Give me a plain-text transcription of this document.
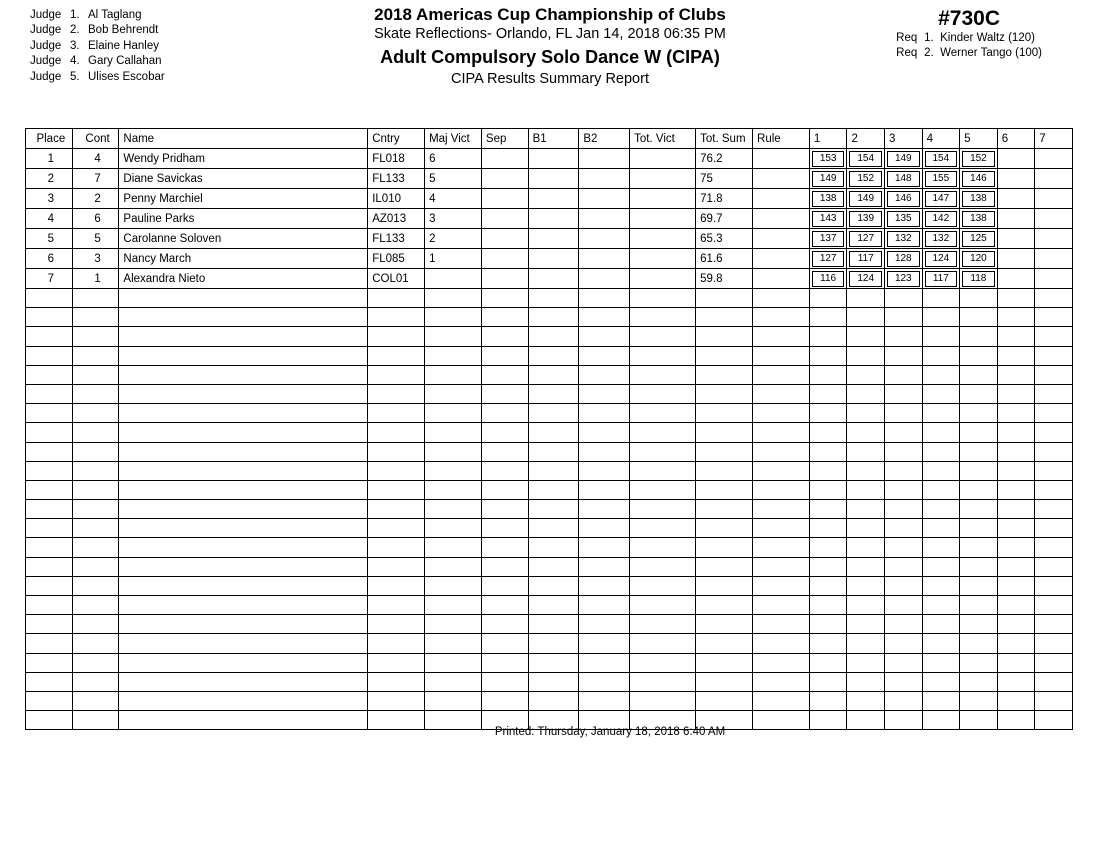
Judge 1. Al Taglang
Judge 2. Bob Behrendt
Judge 3. Elaine Hanley
Judge 4. Gary Callahan
Judge 5. Ulises Escobar
2018 Americas Cup Championship of Clubs
Skate Reflections- Orlando, FL Jan 14, 2018 06:35 PM
Adult Compulsory Solo Dance W (CIPA)
CIPA Results Summary Report
#730C
Req 1. Kinder Waltz (120)
Req 2. Werner Tango (100)
Place	Cont	Name	Cntry	Maj Vict	Sep	B1	B2	Tot. Vict	Tot. Sum	Rule	1	2	3	4	5	6	7
1	4	Wendy Pridham	FL018	6					76.2		153	154	149	154	152		

2	7	Diane Savickas	FL133	5					75		149	152	148	155	146		

3	2	Penny Marchiel	IL010	4					71.8		138	149	146	147	138		

4	6	Pauline Parks	AZ013	3					69.7		143	139	135	142	138		

5	5	Carolanne Soloven	FL133	2					65.3		137	127	132	132	125		

6	3	Nancy March	FL085	1					61.6		127	117	128	124	120		

7	1	Alexandra Nieto	COL01						59.8		116	124	123	117	118		

Printed: Thursday, January 18, 2018 6:40 AM
